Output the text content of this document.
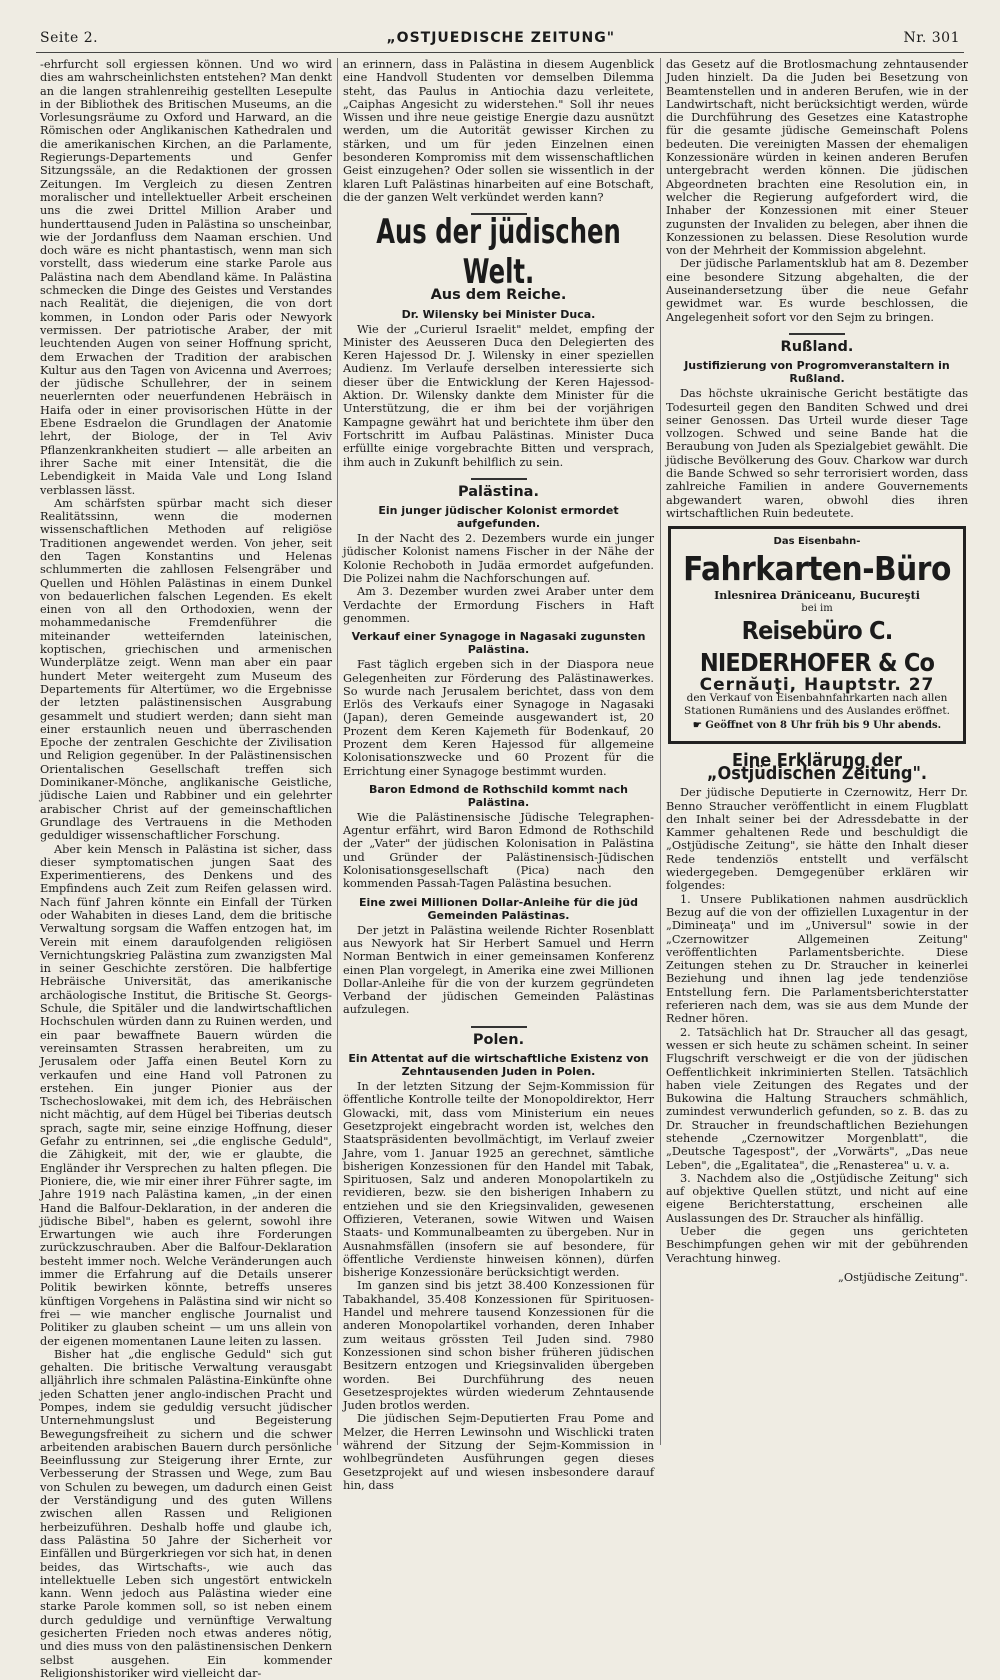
Seite 2.	„OSTJUEDISCHE ZEITUNG"	Nr. 301

-ehrfurcht soll ergiessen können. Und wo wird dies am wahrscheinlichsten entstehen? Man denkt an die langen strahlenreihig gestellten Lesepulte in der Bibliothek des Britischen Museums, an die Vorlesungsräume zu Oxford und Harward, an die Römischen oder Anglikanischen Kathedralen und die amerikanischen Kirchen, an die Parlamente, Regierungs-Departements und Genfer Sitzungssäle, an die Redaktionen der grossen Zeitungen. Im Vergleich zu diesen Zentren moralischer und intellektueller Arbeit erscheinen uns die zwei Drittel Million Araber und hunderttausend Juden in Palästina so unscheinbar, wie der Jordanfluss dem Naaman erschien. Und doch wäre es nicht phantastisch, wenn man sich vorstellt, dass wiederum eine starke Parole aus Palästina nach dem Abendland käme. In Palästina schmecken die Dinge des Geistes und Verstandes nach Realität, die diejenigen, die von dort kommen, in London oder Paris oder Newyork vermissen. Der patriotische Araber, der mit leuchtenden Augen von seiner Hoffnung spricht, dem Erwachen der Tradition der arabischen Kultur aus den Tagen von Avicenna und Averroes; der jüdische Schullehrer, der in seinem neuerlernten oder neuerfundenen Hebräisch in Haifa oder in einer provisorischen Hütte in der Ebene Esdraelon die Grundlagen der Anatomie lehrt, der Biologe, der in Tel Aviv Pflanzenkrankheiten studiert — alle arbeiten an ihrer Sache mit einer Intensität, die die Lebendigkeit in Maida Vale und Long Island verblassen lässt.

Am schärfsten spürbar macht sich dieser Realitätssinn, wenn die modernen wissenschaftlichen Methoden auf religiöse Traditionen angewendet werden. Von jeher, seit den Tagen Konstantins und Helenas schlummerten die zahllosen Felsengräber und Quellen und Höhlen Palästinas in einem Dunkel von bedauerlichen falschen Legenden. Es ekelt einen von all den Orthodoxien, wenn der mohammedanische Fremdenführer die miteinander wetteifernden lateinischen, koptischen, griechischen und armenischen Wunderplätze zeigt. Wenn man aber ein paar hundert Meter weitergeht zum Museum des Departements für Altertümer, wo die Ergebnisse der letzten palästinensischen Ausgrabung gesammelt und studiert werden; dann sieht man einer erstaunlich neuen und überraschenden Epoche der zentralen Geschichte der Zivilisation und Religion gegenüber. In der Palästinensischen Orientalischen Gesellschaft treffen sich Dominikaner-Mönche, anglikanische Geistliche, jüdische Laien und Rabbiner und ein gelehrter arabischer Christ auf der gemeinschaftlichen Grundlage des Vertrauens in die Methoden geduldiger wissenschaftlicher Forschung.

Aber kein Mensch in Palästina ist sicher, dass dieser symptomatischen jungen Saat des Experimentierens, des Denkens und des Empfindens auch Zeit zum Reifen gelassen wird. Nach fünf Jahren könnte ein Einfall der Türken oder Wahabiten in dieses Land, dem die britische Verwaltung sorgsam die Waffen entzogen hat, im Verein mit einem daraufolgenden religiösen Vernichtungskrieg Palästina zum zwanzigsten Mal in seiner Geschichte zerstören. Die halbfertige Hebräische Universität, das amerikanische archäologische Institut, die Britische St. Georgs-Schule, die Spitäler und die landwirtschaftlichen Hochschulen würden dann zu Ruinen werden, und ein paar bewaffnete Bauern würden die vereinsamten Strassen herabreiten, um zu Jerusalem oder Jaffa einen Beutel Korn zu verkaufen und eine Hand voll Patronen zu erstehen. Ein junger Pionier aus der Tschechoslowakei, mit dem ich, des Hebräischen nicht mächtig, auf dem Hügel bei Tiberias deutsch sprach, sagte mir, seine einzige Hoffnung, dieser Gefahr zu entrinnen, sei „die englische Geduld", die Zähigkeit, mit der, wie er glaubte, die Engländer ihr Versprechen zu halten pflegen. Die Pioniere, die, wie mir einer ihrer Führer sagte, im Jahre 1919 nach Palästina kamen, „in der einen Hand die Balfour-Deklaration, in der anderen die jüdische Bibel", haben es gelernt, sowohl ihre Erwartungen wie auch ihre Forderungen zurückzuschrauben. Aber die Balfour-Deklaration besteht immer noch. Welche Veränderungen auch immer die Erfahrung auf die Details unserer Politik bewirken könnte, betreffs unseres künftigen Vorgehens in Palästina sind wir nicht so frei — wie mancher englische Journalist und Politiker zu glauben scheint — um uns allein von der eigenen momentanen Laune leiten zu lassen.

Bisher hat „die englische Geduld" sich gut gehalten. Die britische Verwaltung verausgabt alljährlich ihre schmalen Palästina-Einkünfte ohne jeden Schatten jener anglo-indischen Pracht und Pompes, indem sie geduldig versucht jüdischer Unternehmungslust und Begeisterung Bewegungsfreiheit zu sichern und die schwer arbeitenden arabischen Bauern durch persönliche Beeinflussung zur Steigerung ihrer Ernte, zur Verbesserung der Strassen und Wege, zum Bau von Schulen zu bewegen, um dadurch einen Geist der Verständigung und des guten Willens zwischen allen Rassen und Religionen herbeizuführen. Deshalb hoffe und glaube ich, dass Palästina 50 Jahre der Sicherheit vor Einfällen und Bürgerkriegen vor sich hat, in denen beides, das Wirtschafts-, wie auch das intellektuelle Leben sich ungestört entwickeln kann. Wenn jedoch aus Palästina wieder eine starke Parole kommen soll, so ist neben einem durch geduldige und vernünftige Verwaltung gesicherten Frieden noch etwas anderes nötig, und dies muss von den palästinensischen Denkern selbst ausgehen. Ein kommender Religionshistoriker wird vielleicht dar-

an erinnern, dass in Palästina in diesem Augenblick eine Handvoll Studenten vor demselben Dilemma steht, das Paulus in Antiochia dazu verleitete, „Caiphas Angesicht zu widerstehen." Soll ihr neues Wissen und ihre neue geistige Energie dazu ausnützt werden, um die Autorität gewisser Kirchen zu stärken, und um für jeden Einzelnen einen besonderen Kompromiss mit dem wissenschaftlichen Geist einzugehen? Oder sollen sie wissentlich in der klaren Luft Palästinas hinarbeiten auf eine Botschaft, die der ganzen Welt verkündet werden kann?

Aus der jüdischen Welt.
Aus dem Reiche.
Dr. Wilensky bei Minister Duca.

Wie der „Curierul Israelit" meldet, empfing der Minister des Aeusseren Duca den Delegierten des Keren Hajessod Dr. J. Wilensky in einer speziellen Audienz. Im Verlaufe derselben interessierte sich dieser über die Entwicklung der Keren Hajessod-Aktion. Dr. Wilensky dankte dem Minister für die Unterstützung, die er ihm bei der vorjährigen Kampagne gewährt hat und berichtete ihm über den Fortschritt im Aufbau Palästinas. Minister Duca erfüllte einige vorgebrachte Bitten und versprach, ihm auch in Zukunft behilflich zu sein.

Palästina.
Ein junger jüdischer Kolonist ermordet aufgefunden.

In der Nacht des 2. Dezembers wurde ein junger jüdischer Kolonist namens Fischer in der Nähe der Kolonie Rechoboth in Judäa ermordet aufgefunden. Die Polizei nahm die Nachforschungen auf.

Am 3. Dezember wurden zwei Araber unter dem Verdachte der Ermordung Fischers in Haft genommen.

Verkauf einer Synagoge in Nagasaki zugunsten Palästina.

Fast täglich ergeben sich in der Diaspora neue Gelegenheiten zur Förderung des Palästinawerkes. So wurde nach Jerusalem berichtet, dass von dem Erlös des Verkaufs einer Synagoge in Nagasaki (Japan), deren Gemeinde ausgewandert ist, 20 Prozent dem Keren Kajemeth für Bodenkauf, 20 Prozent dem Keren Hajessod für allgemeine Kolonisationszwecke und 60 Prozent für die Errichtung einer Synagoge bestimmt wurden.

Baron Edmond de Rothschild kommt nach Palästina.

Wie die Palästinensische Jüdische Telegraphen-Agentur erfährt, wird Baron Edmond de Rothschild der „Vater" der jüdischen Kolonisation in Palästina und Gründer der Palästinensisch-Jüdischen Kolonisationsgesellschaft (Pica) nach den kommenden Passah-Tagen Palästina besuchen.

Eine zwei Millionen Dollar-Anleihe für die jüd Gemeinden Palästinas.

Der jetzt in Palästina weilende Richter Rosenblatt aus Newyork hat Sir Herbert Samuel und Herrn Norman Bentwich in einer gemeinsamen Konferenz einen Plan vorgelegt, in Amerika eine zwei Millionen Dollar-Anleihe für die von der kurzem gegründeten Verband der jüdischen Gemeinden Palästinas aufzulegen.

Polen.
Ein Attentat auf die wirtschaftliche Existenz von Zehntausenden Juden in Polen.

In der letzten Sitzung der Sejm-Kommission für öffentliche Kontrolle teilte der Monopoldirektor, Herr Glowacki, mit, dass vom Ministerium ein neues Gesetzprojekt eingebracht worden ist, welches den Staatspräsidenten bevollmächtigt, im Verlauf zweier Jahre, vom 1. Januar 1925 an gerechnet, sämtliche bisherigen Konzessionen für den Handel mit Tabak, Spirituosen, Salz und anderen Monopolartikeln zu revidieren, bezw. sie den bisherigen Inhabern zu entziehen und sie den Kriegsinvaliden, gewesenen Offizieren, Veteranen, sowie Witwen und Waisen Staats- und Kommunalbeamten zu übergeben. Nur in Ausnahmsfällen (insofern sie auf besondere, für öffentliche Verdienste hinweisen können), dürfen bisherige Konzessionäre berücksichtigt werden.

Im ganzen sind bis jetzt 38.400 Konzessionen für Tabakhandel, 35.408 Konzessionen für Spirituosen-Handel und mehrere tausend Konzessionen für die anderen Monopolartikel vorhanden, deren Inhaber zum weitaus grössten Teil Juden sind. 7980 Konzessionen sind schon bisher früheren jüdischen Besitzern entzogen und Kriegsinvaliden übergeben worden. Bei Durchführung des neuen Gesetzesprojektes würden wiederum Zehntausende Juden brotlos werden.

Die jüdischen Sejm-Deputierten Frau Pome and Melzer, die Herren Lewinsohn und Wischlicki traten während der Sitzung der Sejm-Kommission in wohlbegründeten Ausführungen gegen dieses Gesetzprojekt auf und wiesen insbesondere darauf hin, dass

das Gesetz auf die Brotlosmachung zehntausender Juden hinzielt. Da die Juden bei Besetzung von Beamtenstellen und in anderen Berufen, wie in der Landwirtschaft, nicht berücksichtigt werden, würde die Durchführung des Gesetzes eine Katastrophe für die gesamte jüdische Gemeinschaft Polens bedeuten. Die vereinigten Massen der ehemaligen Konzessionäre würden in keinen anderen Berufen untergebracht werden können. Die jüdischen Abgeordneten brachten eine Resolution ein, in welcher die Regierung aufgefordert wird, die Inhaber der Konzessionen mit einer Steuer zugunsten der Invaliden zu belegen, aber ihnen die Konzessionen zu belassen. Diese Resolution wurde von der Mehrheit der Kommission abgelehnt.

Der jüdische Parlamentsklub hat am 8. Dezember eine besondere Sitzung abgehalten, die der Auseinandersetzung über die neue Gefahr gewidmet war. Es wurde beschlossen, die Angelegenheit sofort vor den Sejm zu bringen.

Rußland.
Justifizierung von Progromveranstaltern in Rußland.

Das höchste ukrainische Gericht bestätigte das Todesurteil gegen den Banditen Schwed und drei seiner Genossen. Das Urteil wurde dieser Tage vollzogen. Schwed und seine Bande hat die Beraubung von Juden als Spezialgebiet gewählt. Die jüdische Bevölkerung des Gouv. Charkow war durch die Bande Schwed so sehr terrorisiert worden, dass zahlreiche Familien in andere Gouvernements abgewandert waren, obwohl dies ihren wirtschaftlichen Ruin bedeutete.

Das Eisenbahn-
Fahrkarten-Büro
Inlesnirea Drăniceanu, Bucureşti
bei im
Reisebüro C. NIEDERHOFER & Co
Cernăuţi, Hauptstr. 27
den Verkauf von Eisenbahnfahrkarten nach allen Stationen Rumäniens und des Auslandes eröffnet.
☛ Geöffnet von 8 Uhr früh bis 9 Uhr abends.
Eine Erklärung der „Ostjüdischen Zeitung".

Der jüdische Deputierte in Czernowitz, Herr Dr. Benno Straucher veröffentlicht in einem Flugblatt den Inhalt seiner bei der Adressdebatte in der Kammer gehaltenen Rede und beschuldigt die „Ostjüdische Zeitung", sie hätte den Inhalt dieser Rede tendenziös entstellt und verfälscht wiedergegeben. Demgegenüber erklären wir folgendes:

1. Unsere Publikationen nahmen ausdrücklich Bezug auf die von der offiziellen Luxagentur in der „Dimineaţa" und im „Universul" sowie in der „Czernowitzer Allgemeinen Zeitung" veröffentlichten Parlamentsberichte. Diese Zeitungen stehen zu Dr. Straucher in keinerlei Beziehung und ihnen lag jede tendenziöse Entstellung fern. Die Parlamentsberichterstatter referieren nach dem, was sie aus dem Munde der Redner hören.

2. Tatsächlich hat Dr. Straucher all das gesagt, wessen er sich heute zu schämen scheint. In seiner Flugschrift verschweigt er die von der jüdischen Oeffentlichkeit inkriminierten Stellen. Tatsächlich haben viele Zeitungen des Regates und der Bukowina die Haltung Strauchers schmählich, zumindest verwunderlich gefunden, so z. B. das zu Dr. Straucher in freundschaftlichen Beziehungen stehende „Czernowitzer Morgenblatt", die „Deutsche Tagespost", der „Vorwärts", „Das neue Leben", die „Egalitatea", die „Renasterea" u. v. a.

3. Nachdem also die „Ostjüdische Zeitung" sich auf objektive Quellen stützt, und nicht auf eine eigene Berichterstattung, erscheinen alle Auslassungen des Dr. Straucher als hinfällig.

Ueber die gegen uns gerichteten Beschimpfungen gehen wir mit der gebührenden Verachtung hinweg.

„Ostjüdische Zeitung".
